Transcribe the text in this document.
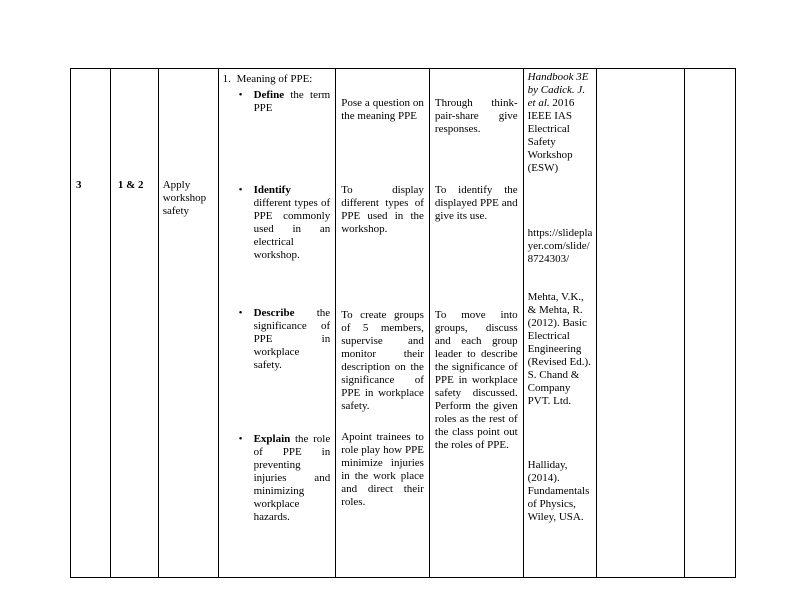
3	1 & 2	Apply workshop safety
1. Meaning of PPE:
•
Define the term PPE
•
Identify different types of PPE commonly used in an electrical workshop.
•
Describe the significance of PPE in workplace safety.
•
Explain the role of PPE in preventing injuries and minimizing workplace hazards.
Pose a question on the meaning PPE
To display different types of PPE used in the workshop.
To create groups of 5 members, supervise and monitor their description on the significance of PPE in workplace safety.
Apoint trainees to role play how PPE minimize injuries in the work place and direct their roles.
Through think-pair-share give responses.
To identify the displayed PPE and give its use.
To move into groups, discuss and each group leader to describe the significance of PPE in workplace safety discussed. Perform the given roles as the rest of the class point out the roles of PPE.
Handbook 3E by Cadick. J. et al. 2016 IEEE IAS Electrical Safety Workshop (ESW)
https://slideplayer.com/slide/8724303/
Mehta, V.K., & Mehta, R. (2012). Basic Electrical Engineering (Revised Ed.). S. Chand & Company PVT. Ltd.
Halliday, (2014). Fundamentals of Physics, Wiley, USA.
